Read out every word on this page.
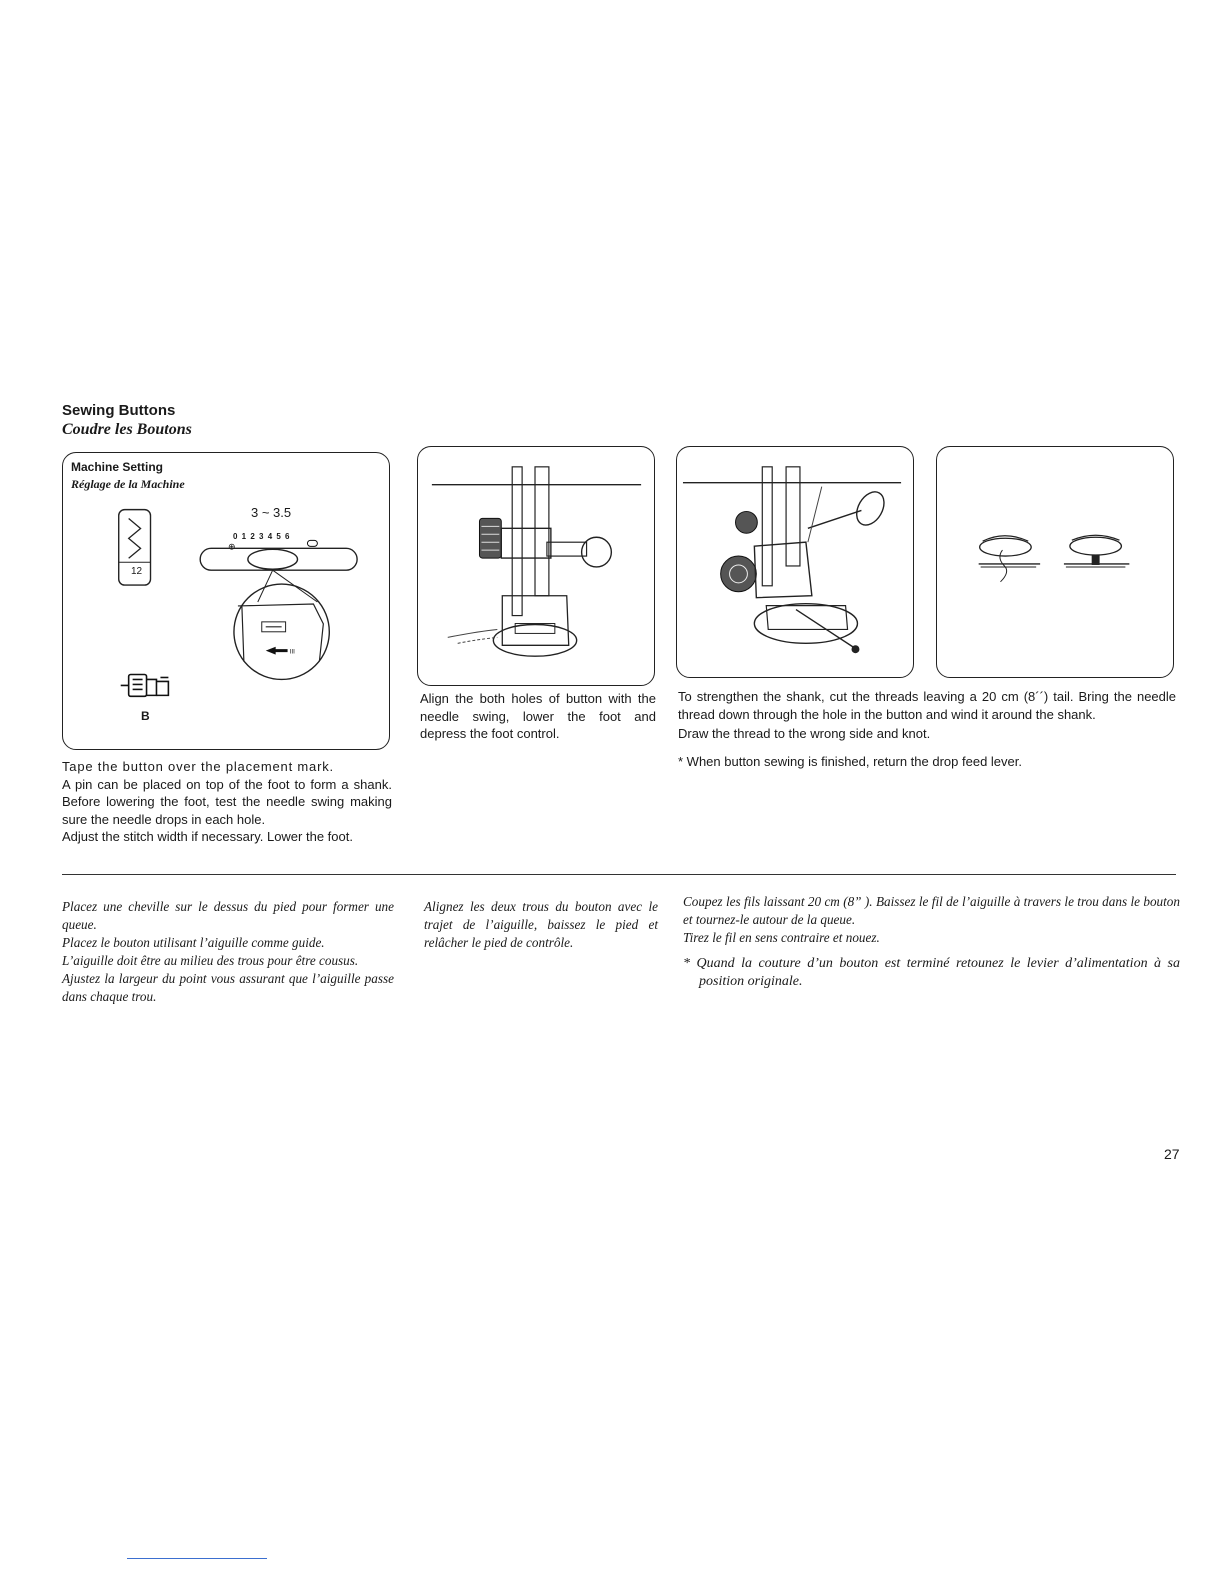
Sewing Buttons
Coudre les Boutons
Machine Setting
Réglage de la Machine
3 ~ 3.5
0 1 2 3 4 5 6
12
B
⊕
III

Tape the button over the placement mark.

A pin can be placed on top of the foot to form a shank. Before lowering the foot, test the needle swing making sure the needle drops in each hole.

Adjust the stitch width if necessary. Lower the foot.

Align the both holes of button with the needle swing, lower the foot and depress the foot control.

To strengthen the shank, cut the threads leaving a 20 cm (8´´) tail. Bring the needle thread down through the hole in the button and wind it around the shank.

Draw the thread to the wrong side and knot.

* When button sewing is finished, return the drop feed lever.

Placez une cheville sur le dessus du pied pour former une queue.

Placez le bouton utilisant l’aiguille comme guide.

L’aiguille doit être au milieu des trous pour être cousus.

Ajustez la largeur du point vous assurant que l’aiguille passe dans chaque trou.

Alignez les deux trous du bouton avec le trajet de l’aiguille, baissez le pied et relâcher le pied de contrôle.

Coupez les fils laissant 20 cm (8” ). Baissez le fil de l’aiguille à travers le trou dans le bouton et tournez-le autour de la queue.

Tirez le fil en sens contraire et nouez.

* Quand la couture d’un bouton est terminé retounez le levier d’alimentation à sa position originale.

27
